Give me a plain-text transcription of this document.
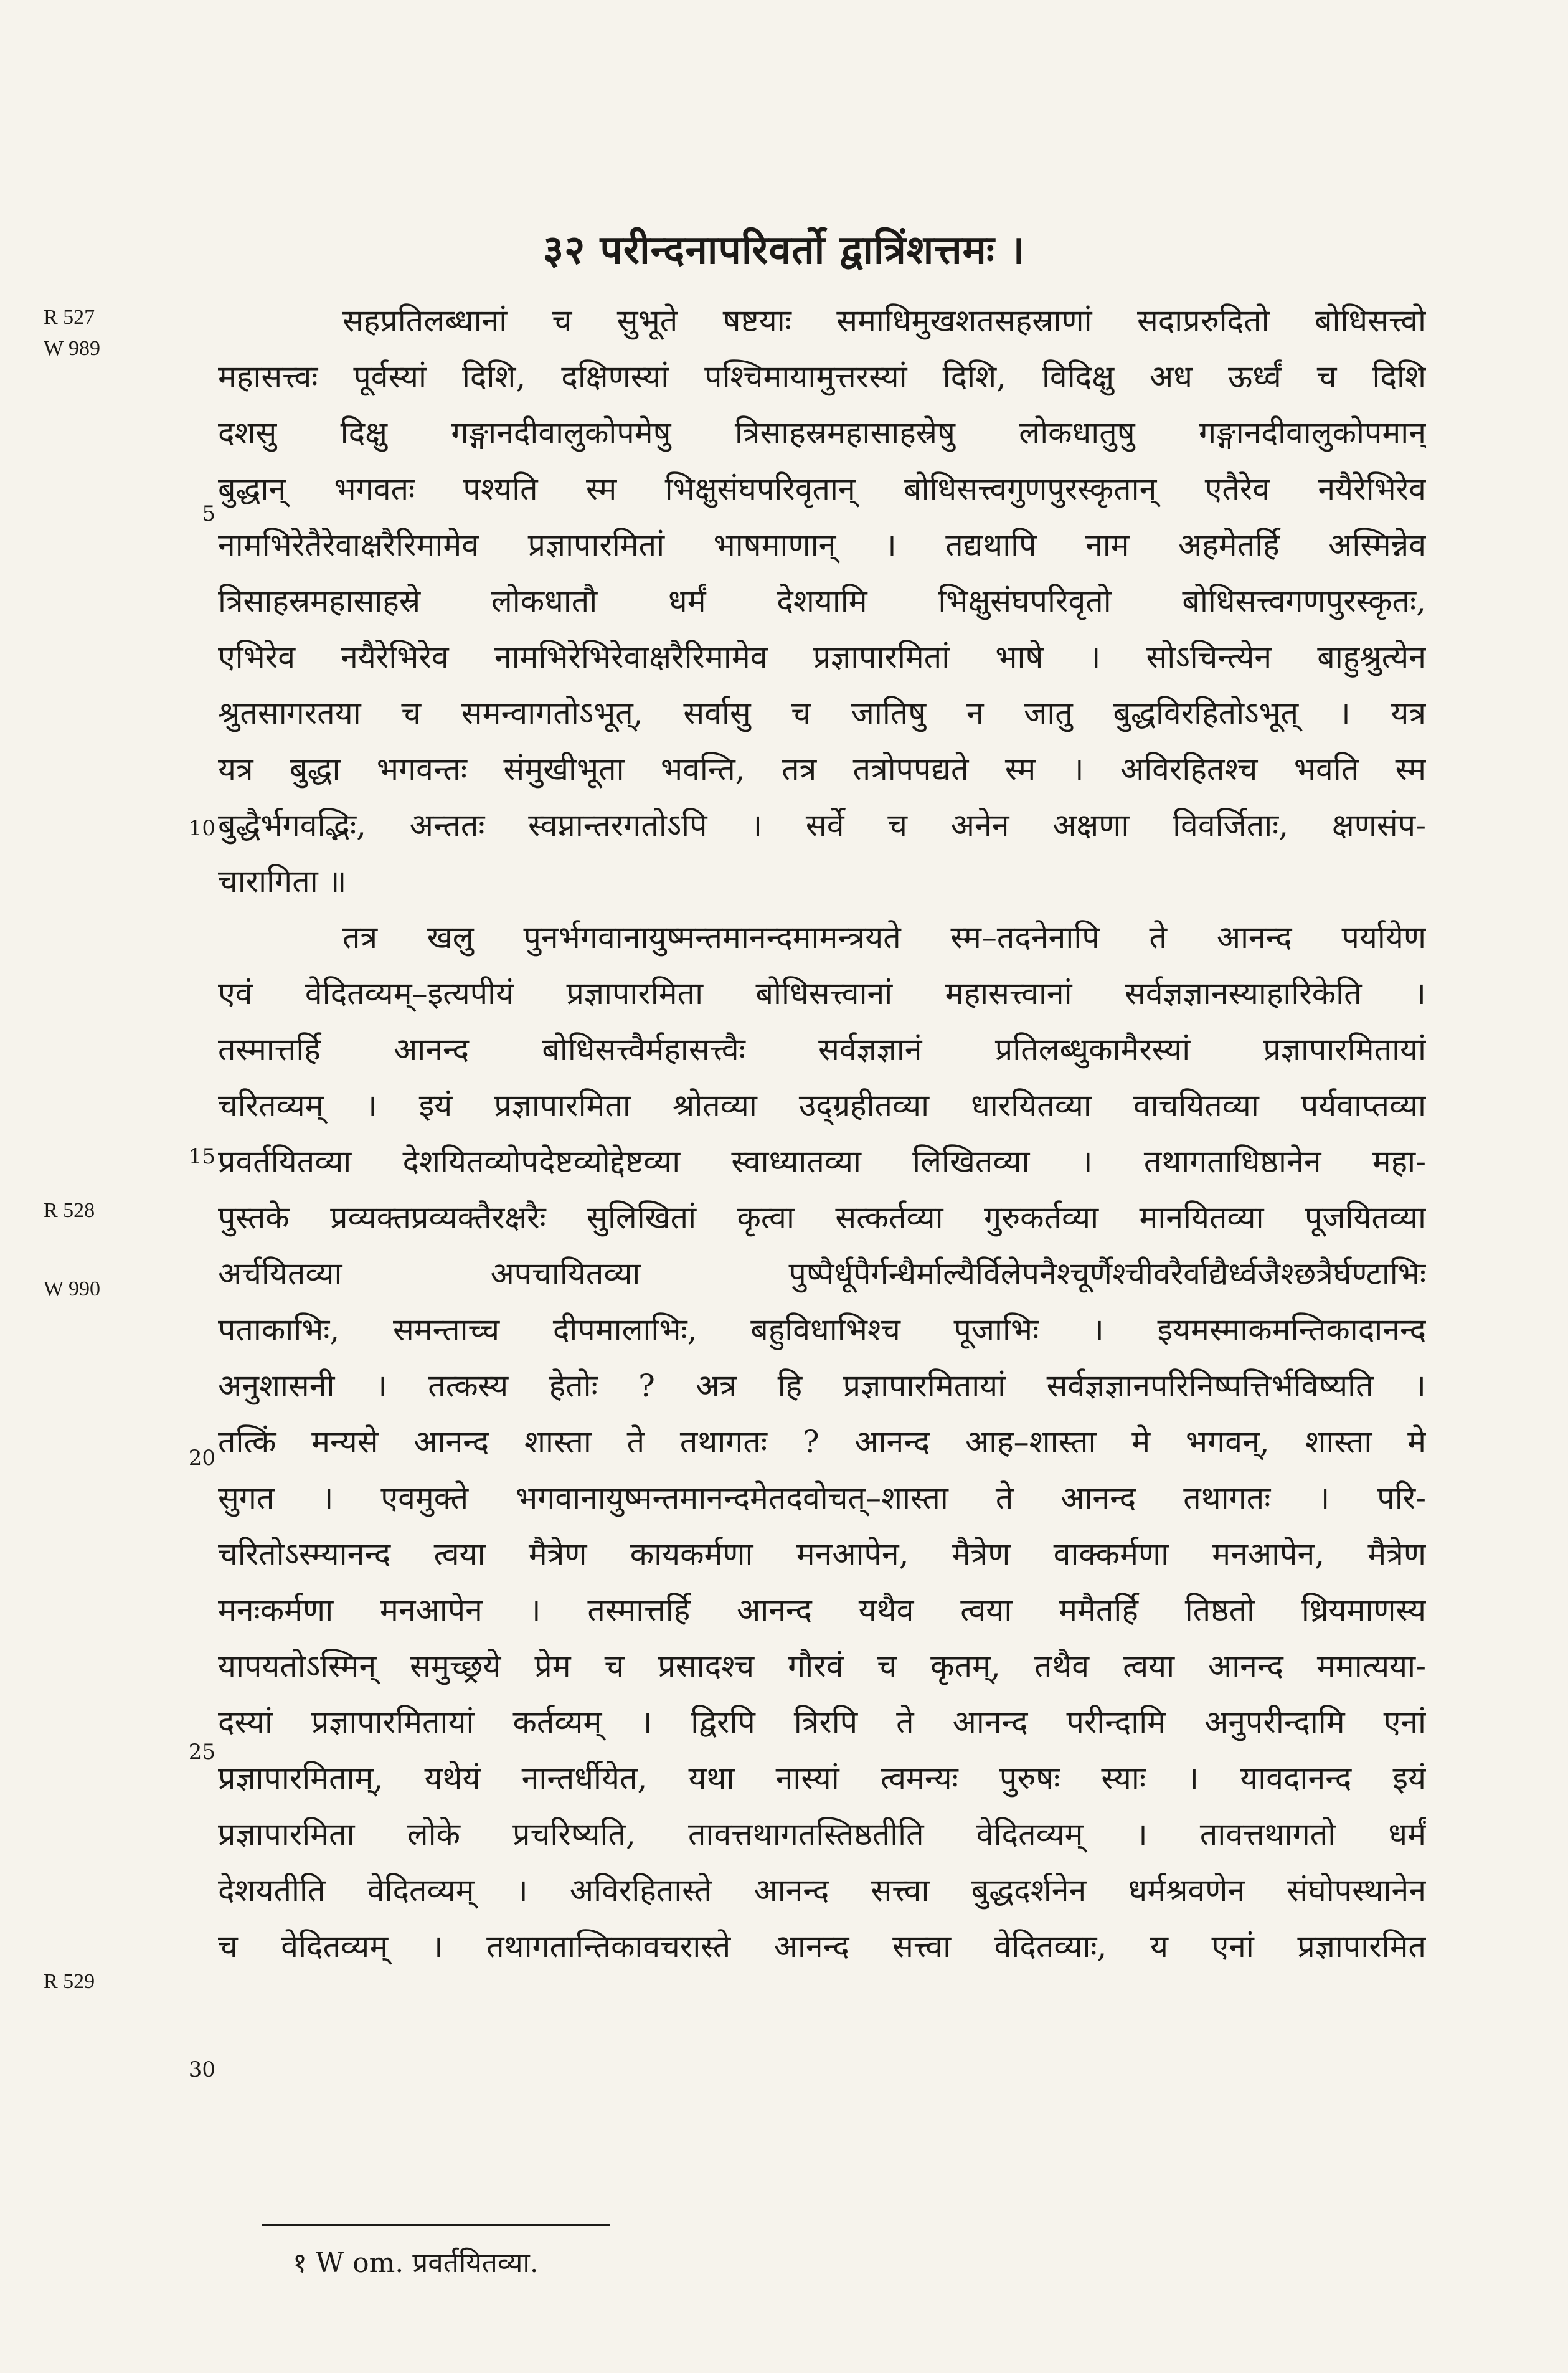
३२ परीन्दनापरिवर्तो द्वात्रिंशत्तमः ।
R 527
W 989
R 528
W 990
R 529
5
10
15
20
25
30
सहप्रतिलब्धानां च सुभूते षष्टयाः समाधिमुखशतसहस्राणां सदाप्ररुदितो बोधिसत्त्वो
महासत्त्वः पूर्वस्यां दिशि, दक्षिणस्यां पश्चिमायामुत्तरस्यां दिशि, विदिक्षु अध ऊर्ध्वं च दिशि
दशसु दिक्षु गङ्गानदीवालुकोपमेषु त्रिसाहस्रमहासाहस्रेषु लोकधातुषु गङ्गानदीवालुकोपमान्
बुद्धान् भगवतः पश्यति स्म भिक्षुसंघपरिवृतान् बोधिसत्त्वगुणपुरस्कृतान् एतैरेव नयैरेभिरेव
नामभिरेतैरेवाक्षरैरिमामेव प्रज्ञापारमितां भाषमाणान् । तद्यथापि नाम अहमेतर्हि अस्मिन्नेव
त्रिसाहस्रमहासाहस्रे लोकधातौ धर्मं देशयामि भिक्षुसंघपरिवृतो बोधिसत्त्वगणपुरस्कृतः,
एभिरेव नयैरेभिरेव नामभिरेभिरेवाक्षरैरिमामेव प्रज्ञापारमितां भाषे । सोऽचिन्त्येन बाहुश्रुत्येन
श्रुतसागरतया च समन्वागतोऽभूत्, सर्वासु च जातिषु न जातु बुद्धविरहितोऽभूत् । यत्र
यत्र बुद्धा भगवन्तः संमुखीभूता भवन्ति, तत्र तत्रोपपद्यते स्म । अविरहितश्च भवति स्म
बुद्धैर्भगवद्भिः, अन्ततः स्वप्नान्तरगतोऽपि । सर्वे च अनेन अक्षणा विवर्जिताः, क्षणसंप-
चारागिता ॥
तत्र खलु पुनर्भगवानायुष्मन्तमानन्दमामन्त्रयते स्म–तदनेनापि ते आनन्द पर्यायेण
एवं वेदितव्यम्–इत्यपीयं प्रज्ञापारमिता बोधिसत्त्वानां महासत्त्वानां सर्वज्ञज्ञानस्याहारिकेति ।
तस्मात्तर्हि आनन्द बोधिसत्त्वैर्महासत्त्वैः सर्वज्ञज्ञानं प्रतिलब्धुकामैरस्यां प्रज्ञापारमितायां
चरितव्यम् । इयं प्रज्ञापारमिता श्रोतव्या उद्ग्रहीतव्या धारयितव्या वाचयितव्या पर्यवाप्तव्या
प्रवर्तयितव्या देशयितव्योपदेष्टव्योद्देष्टव्या स्वाध्यातव्या लिखितव्या । तथागताधिष्ठानेन महा-
पुस्तके प्रव्यक्तप्रव्यक्तैरक्षरैः सुलिखितां कृत्वा सत्कर्तव्या गुरुकर्तव्या मानयितव्या पूजयितव्या
अर्चयितव्या अपचायितव्या पुष्पैर्धूपैर्गन्धैर्माल्यैर्विलेपनैश्चूर्णैश्चीवरैर्वाद्यैर्ध्वजैश्छत्रैर्घण्टाभिः
पताकाभिः, समन्ताच्च दीपमालाभिः, बहुविधाभिश्च पूजाभिः । इयमस्माकमन्तिकादानन्द
अनुशासनी । तत्कस्य हेतोः ? अत्र हि प्रज्ञापारमितायां सर्वज्ञज्ञानपरिनिष्पत्तिर्भविष्यति ।
तत्किं मन्यसे आनन्द शास्ता ते तथागतः ? आनन्द आह–शास्ता मे भगवन्, शास्ता मे
सुगत । एवमुक्ते भगवानायुष्मन्तमानन्दमेतदवोचत्–शास्ता ते आनन्द तथागतः । परि-
चरितोऽस्म्यानन्द त्वया मैत्रेण कायकर्मणा मनआपेन, मैत्रेण वाक्कर्मणा मनआपेन, मैत्रेण
मनःकर्मणा मनआपेन । तस्मात्तर्हि आनन्द यथैव त्वया ममैतर्हि तिष्ठतो ध्रियमाणस्य
यापयतोऽस्मिन् समुच्छ्रये प्रेम च प्रसादश्च गौरवं च कृतम्, तथैव त्वया आनन्द ममात्यया-
दस्यां प्रज्ञापारमितायां कर्तव्यम् । द्विरपि त्रिरपि ते आनन्द परीन्दामि अनुपरीन्दामि एनां
प्रज्ञापारमिताम्, यथेयं नान्तर्धीयेत, यथा नास्यां त्वमन्यः पुरुषः स्याः । यावदानन्द इयं
प्रज्ञापारमिता लोके प्रचरिष्यति, तावत्तथागतस्तिष्ठतीति वेदितव्यम् । तावत्तथागतो धर्मं
देशयतीति वेदितव्यम् । अविरहितास्ते आनन्द सत्त्वा बुद्धदर्शनेन धर्मश्रवणेन संघोपस्थानेन
च वेदितव्यम् । तथागतान्तिकावचरास्ते आनन्द सत्त्वा वेदितव्याः, य एनां प्रज्ञापारमित
१ W om. प्रवर्तयितव्या.
